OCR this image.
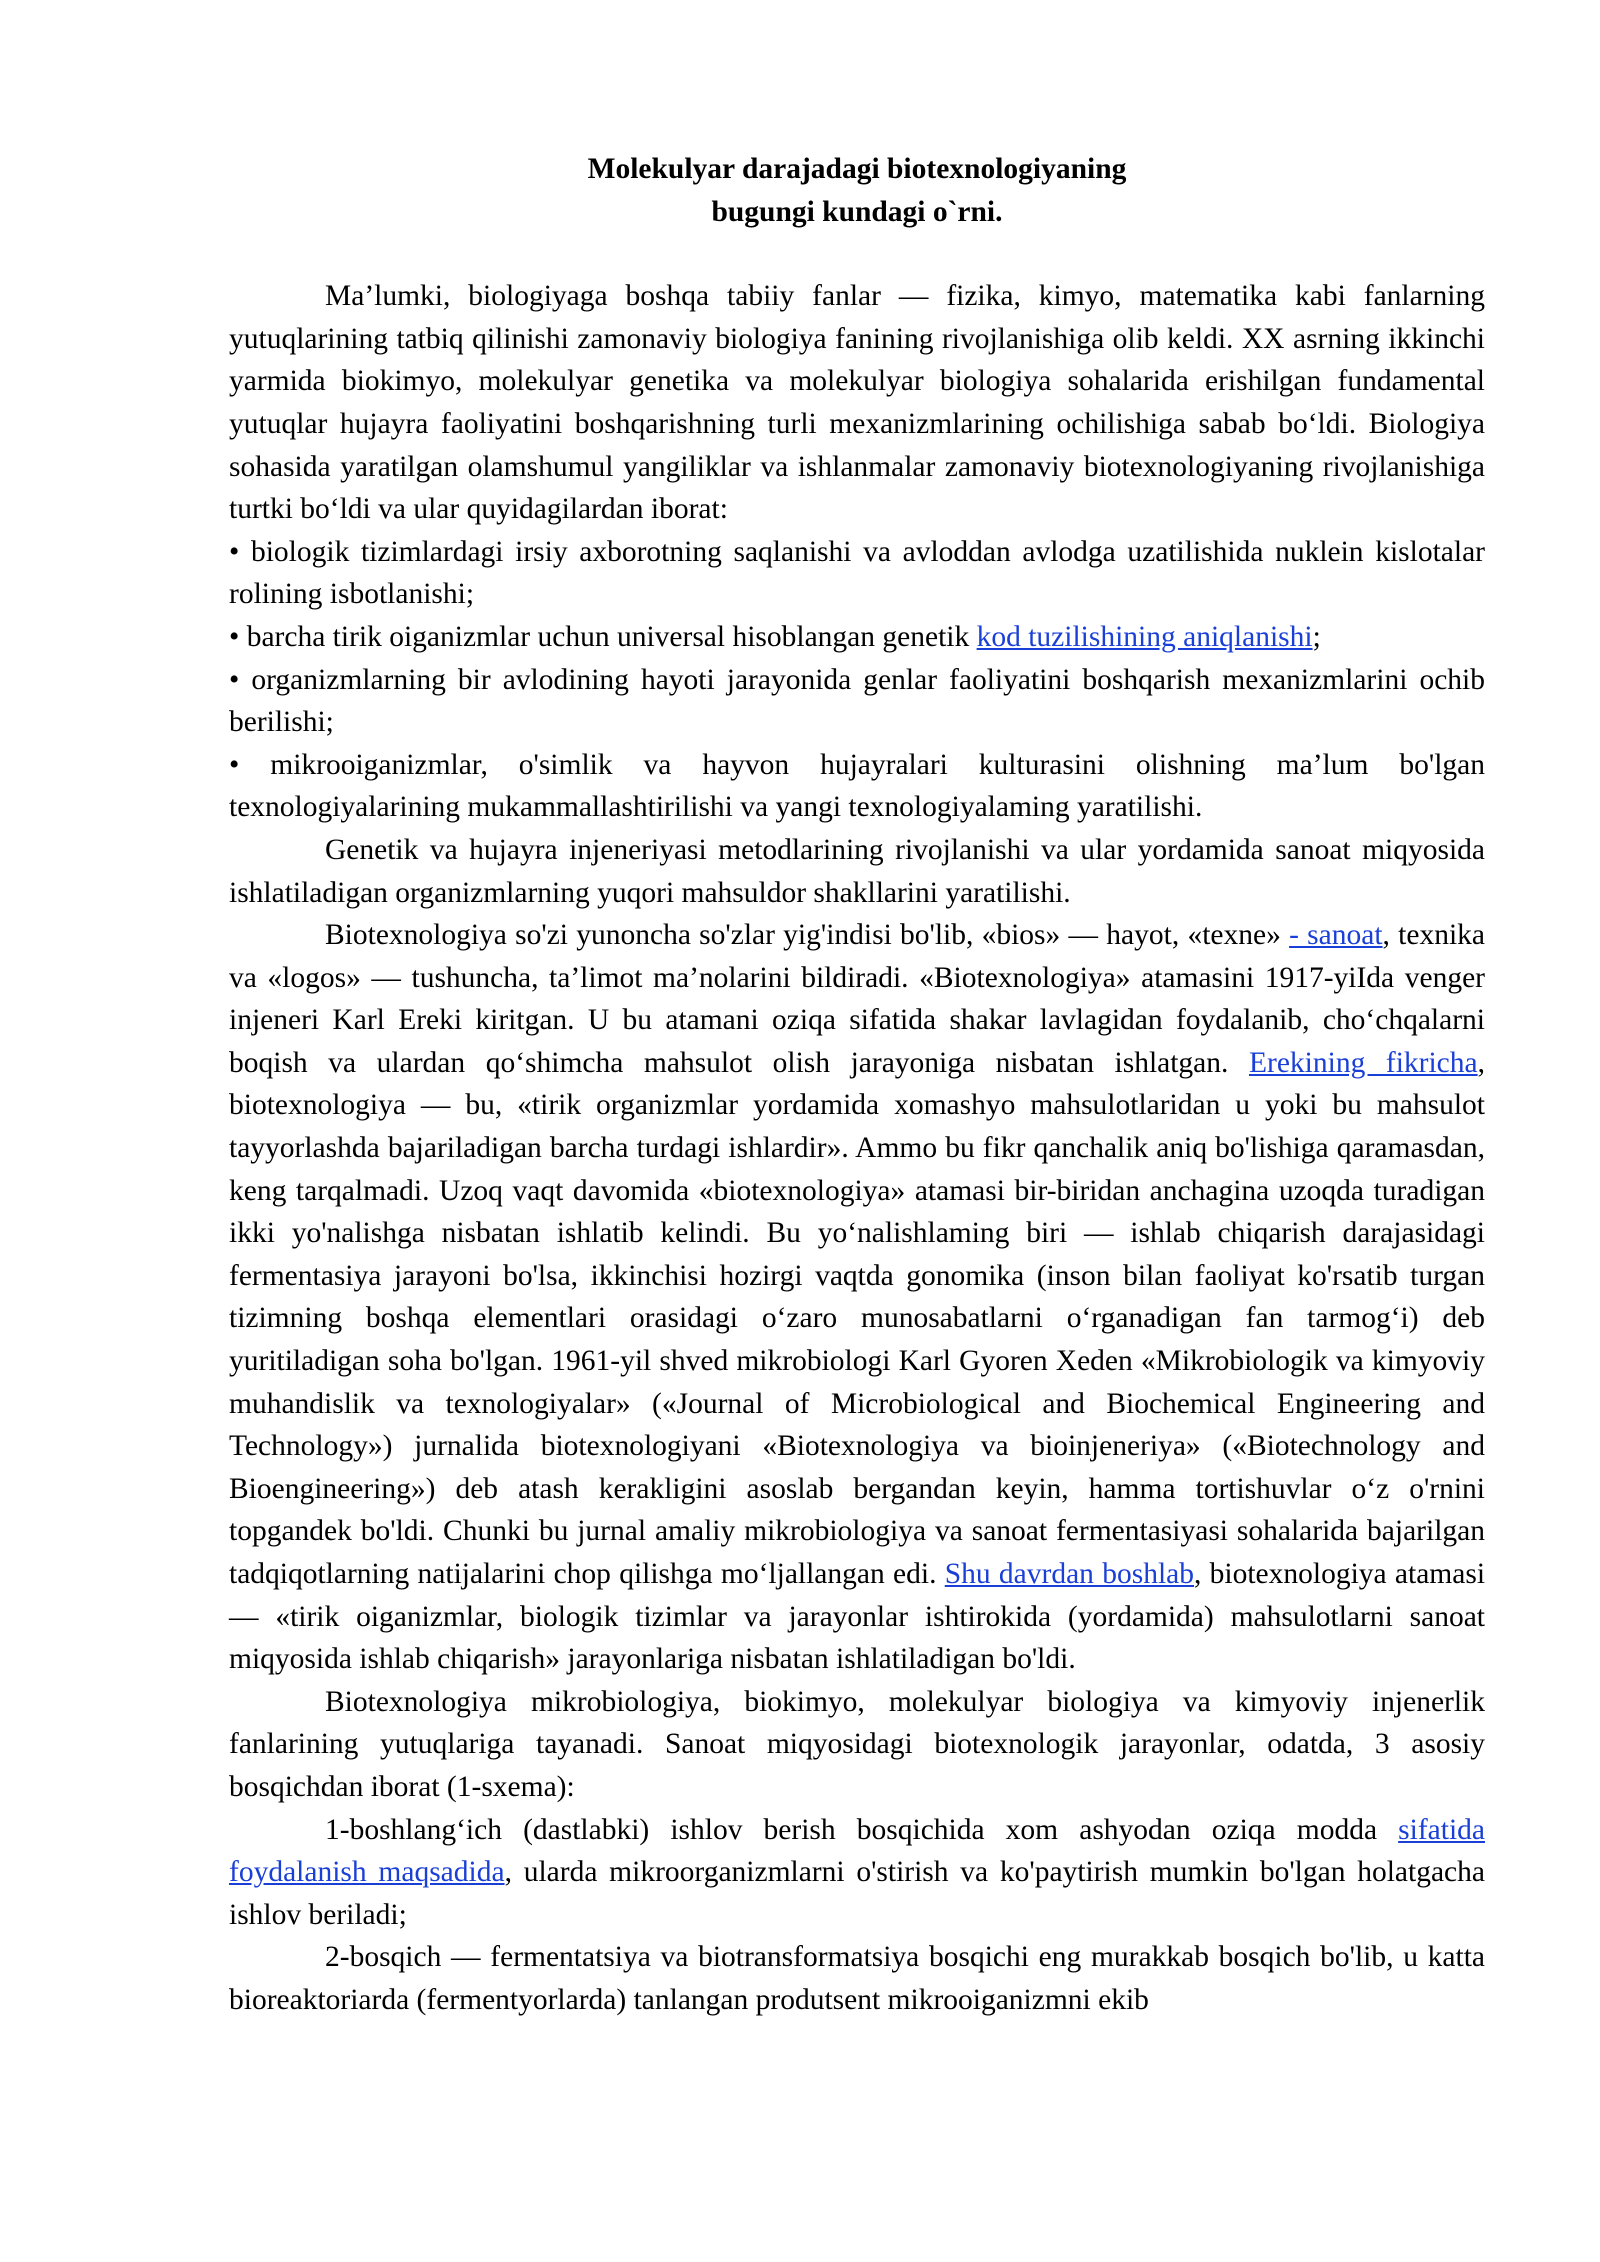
Molekulyar darajadagi biotexnologiyaning
bugungi kundagi o`rni.

Ma’lumki, biologiyaga boshqa tabiiy fanlar — fizika, kimyo, matematika kabi fanlarning yutuqlarining tatbiq qilinishi zamonaviy biologiya fanining rivojlanishiga olib keldi. XX asrning ikkinchi yarmida biokimyo, molekulyar genetika va molekulyar biologiya sohalarida erishilgan fundamental yutuqlar hujayra faoliyatini boshqarishning turli mexanizmlarining ochilishiga sabab bo‘ldi. Biologiya sohasida yaratilgan olamshumul yangiliklar va ishlanmalar zamonaviy biotexnologiyaning rivojlanishiga turtki bo‘ldi va ular quyidagilardan iborat:

• biologik tizimlardagi irsiy axborotning saqlanishi va avloddan avlodga uzatilishida nuklein kislotalar rolining isbotlanishi;

• barcha tirik oiganizmlar uchun universal hisoblangan genetik kod tuzilishining aniqlanishi;

• organizmlarning bir avlodining hayoti jarayonida genlar faoliyatini boshqarish mexanizmlarini ochib berilishi;

• mikrooiganizmlar, o'simlik va hayvon hujayralari kulturasini olishning ma’lum bo'lgan texnologiyalarining mukammallashtirilishi va yangi texnologiyalaming yaratilishi.

Genetik va hujayra injeneriyasi metodlarining rivojlanishi va ular yordamida sanoat miqyosida ishlatiladigan organizmlarning yuqori mahsuldor shakllarini yaratilishi.

Biotexnologiya so'zi yunoncha so'zlar yig'indisi bo'lib, «bios» — hayot, «texne» - sanoat, texnika va «logos» — tushuncha, ta’limot ma’nolarini bildiradi. «Biotexnologiya» atamasini 1917-yiIda venger injeneri Karl Ereki kiritgan. U bu atamani oziqa sifatida shakar lavlagidan foydalanib, cho‘chqalarni boqish va ulardan qo‘shimcha mahsulot olish jarayoniga nisbatan ishlatgan. Erekining fikricha, biotexnologiya — bu, «tirik organizmlar yordamida xomashyo mahsulotlaridan u yoki bu mahsulot tayyorlashda bajariladigan barcha turdagi ishlardir». Ammo bu fikr qanchalik aniq bo'lishiga qaramasdan, keng tarqalmadi. Uzoq vaqt davomida «biotexnologiya» atamasi bir-biridan anchagina uzoqda turadigan ikki yo'nalishga nisbatan ishlatib kelindi. Bu yo‘nalishlaming biri — ishlab chiqarish darajasidagi fermentasiya jarayoni bo'lsa, ikkinchisi hozirgi vaqtda gonomika (inson bilan faoliyat ko'rsatib turgan tizimning boshqa elementlari orasidagi o‘zaro munosabatlarni o‘rganadigan fan tarmog‘i) deb yuritiladigan soha bo'lgan. 1961-yil shved mikrobiologi Karl Gyoren Xeden «Mikrobiologik va kimyoviy muhandislik va texnologiyalar» («Journal of Microbiological and Biochemical Engineering and Technology») jurnalida biotexnologiyani «Biotexnologiya va bioinjeneriya» («Biotechnology and Bioengineering») deb atash kerakligini asoslab bergandan keyin, hamma tortishuvlar o‘z o'rnini topgandek bo'ldi. Chunki bu jurnal amaliy mikrobiologiya va sanoat fermentasiyasi sohalarida bajarilgan tadqiqotlarning natijalarini chop qilishga mo‘ljallangan edi. Shu davrdan boshlab, biotexnologiya atamasi — «tirik oiganizmlar, biologik tizimlar va jarayonlar ishtirokida (yordamida) mahsulotlarni sanoat miqyosida ishlab chiqarish» jarayonlariga nisbatan ishlatiladigan bo'ldi.

Biotexnologiya mikrobiologiya, biokimyo, molekulyar biologiya va kimyoviy injenerlik fanlarining yutuqlariga tayanadi. Sanoat miqyosidagi biotexnologik jarayonlar, odatda, 3 asosiy bosqichdan iborat (1-sxema):

1-boshlang‘ich (dastlabki) ishlov berish bosqichida xom ashyodan oziqa modda sifatida foydalanish maqsadida, ularda mikroorganizmlarni o'stirish va ko'paytirish mumkin bo'lgan holatgacha ishlov beriladi;

2-bosqich — fermentatsiya va biotransformatsiya bosqichi eng murakkab bosqich bo'lib, u katta bioreaktoriarda (fermentyorlarda) tanlangan produtsent mikrooiganizmni ekib
